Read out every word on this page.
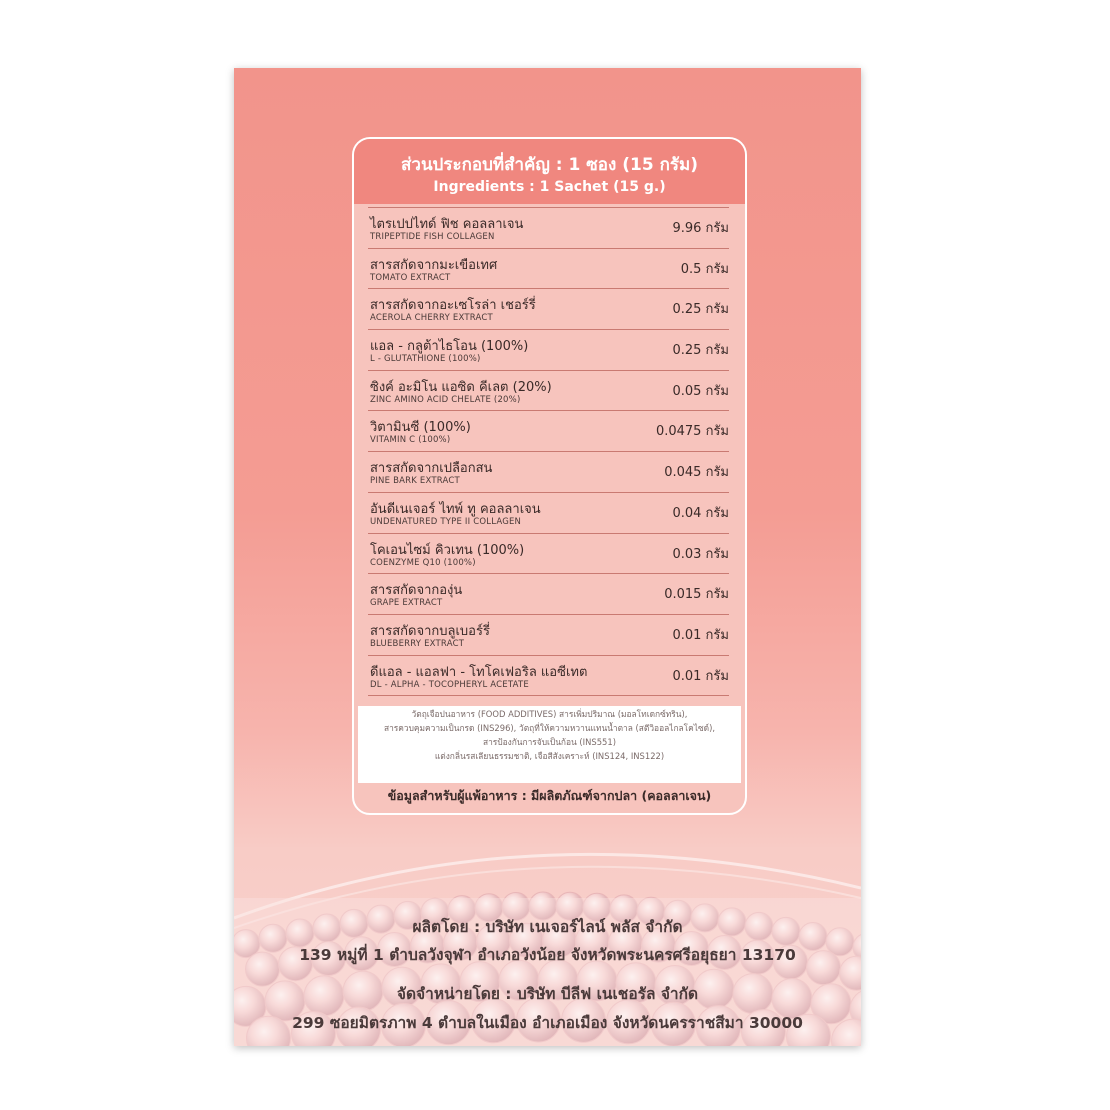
ส่วนประกอบที่สำคัญ : 1 ซอง (15 กรัม)
Ingredients : 1 Sachet (15 g.)
ไตรเปปไทด์ ฟิช คอลลาเจน
TRIPEPTIDE FISH COLLAGEN
9.96 กรัม
สารสกัดจากมะเขือเทศ
TOMATO EXTRACT
0.5 กรัม
สารสกัดจากอะเซโรล่า เชอร์รี่
ACEROLA CHERRY EXTRACT
0.25 กรัม
แอล - กลูต้าไธโอน (100%)
L - GLUTATHIONE (100%)
0.25 กรัม
ซิงค์ อะมิโน แอซิด คีเลต (20%)
ZINC AMINO ACID CHELATE (20%)
0.05 กรัม
วิตามินซี (100%)
VITAMIN C (100%)
0.0475 กรัม
สารสกัดจากเปลือกสน
PINE BARK EXTRACT
0.045 กรัม
อันดีเนเจอร์ ไทพ์ ทู คอลลาเจน
UNDENATURED TYPE II COLLAGEN
0.04 กรัม
โคเอนไซม์ คิวเทน (100%)
COENZYME Q10 (100%)
0.03 กรัม
สารสกัดจากองุ่น
GRAPE EXTRACT
0.015 กรัม
สารสกัดจากบลูเบอร์รี่
BLUEBERRY EXTRACT
0.01 กรัม
ดีแอล - แอลฟา - โทโคเฟอริล แอซีเทต
DL - ALPHA - TOCOPHERYL ACETATE
0.01 กรัม
วัตถุเจือปนอาหาร (FOOD ADDITIVES) สารเพิ่มปริมาณ (มอลโทเดกซ์ทริน),
สารควบคุมความเป็นกรด (INS296), วัตถุที่ให้ความหวานแทนน้ำตาล (สตีวิออลไกลโคไซด์),
สารป้องกันการจับเป็นก้อน (INS551)
แต่งกลิ่นรสเลียนธรรมชาติ, เจือสีสังเคราะห์ (INS124, INS122)
ข้อมูลสำหรับผู้แพ้อาหาร : มีผลิตภัณฑ์จากปลา (คอลลาเจน)
ผลิตโดย : บริษัท เนเจอร์ไลน์ พลัส จำกัด
139 หมู่ที่ 1 ตำบลวังจุฬา อำเภอวังน้อย จังหวัดพระนครศรีอยุธยา 13170
จัดจำหน่ายโดย : บริษัท บีลีฟ เนเชอรัล จำกัด
299 ซอยมิตรภาพ 4 ตำบลในเมือง อำเภอเมือง จังหวัดนครราชสีมา 30000
